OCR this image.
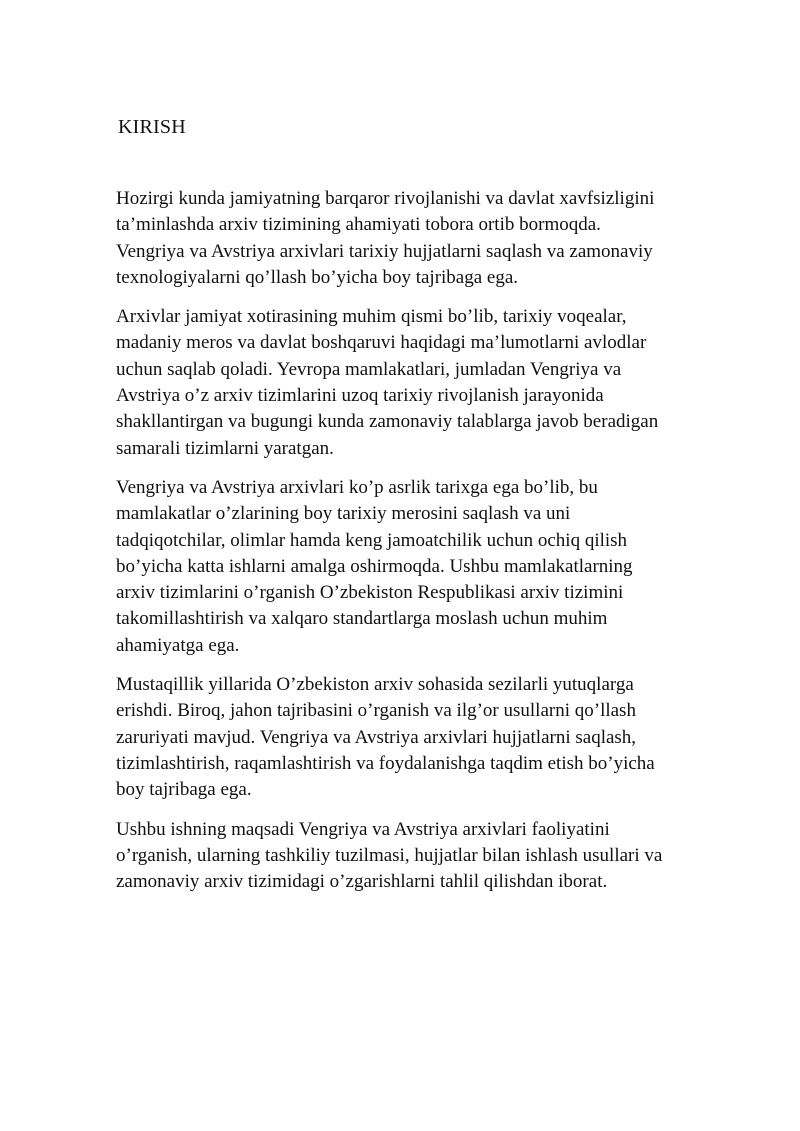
KIRISH

Hozirgi kunda jamiyatning barqaror rivojlanishi va davlat xavfsizligini
ta’minlashda arxiv tizimining ahamiyati tobora ortib bormoqda.
Vengriya va Avstriya arxivlari tarixiy hujjatlarni saqlash va zamonaviy
texnologiyalarni qo’llash bo’yicha boy tajribaga ega.

Arxivlar jamiyat xotirasining muhim qismi bo’lib, tarixiy voqealar,
madaniy meros va davlat boshqaruvi haqidagi ma’lumotlarni avlodlar
uchun saqlab qoladi. Yevropa mamlakatlari, jumladan Vengriya va
Avstriya o’z arxiv tizimlarini uzoq tarixiy rivojlanish jarayonida
shakllantirgan va bugungi kunda zamonaviy talablarga javob beradigan
samarali tizimlarni yaratgan.

Vengriya va Avstriya arxivlari ko’p asrlik tarixga ega bo’lib, bu
mamlakatlar o’zlarining boy tarixiy merosini saqlash va uni
tadqiqotchilar, olimlar hamda keng jamoatchilik uchun ochiq qilish
bo’yicha katta ishlarni amalga oshirmoqda. Ushbu mamlakatlarning
arxiv tizimlarini o’rganish O’zbekiston Respublikasi arxiv tizimini
takomillashtirish va xalqaro standartlarga moslash uchun muhim
ahamiyatga ega.

Mustaqillik yillarida O’zbekiston arxiv sohasida sezilarli yutuqlarga
erishdi. Biroq, jahon tajribasini o’rganish va ilg’or usullarni qo’llash
zaruriyati mavjud. Vengriya va Avstriya arxivlari hujjatlarni saqlash,
tizimlashtirish, raqamlashtirish va foydalanishga taqdim etish bo’yicha
boy tajribaga ega.

Ushbu ishning maqsadi Vengriya va Avstriya arxivlari faoliyatini
o’rganish, ularning tashkiliy tuzilmasi, hujjatlar bilan ishlash usullari va
zamonaviy arxiv tizimidagi o’zgarishlarni tahlil qilishdan iborat.
